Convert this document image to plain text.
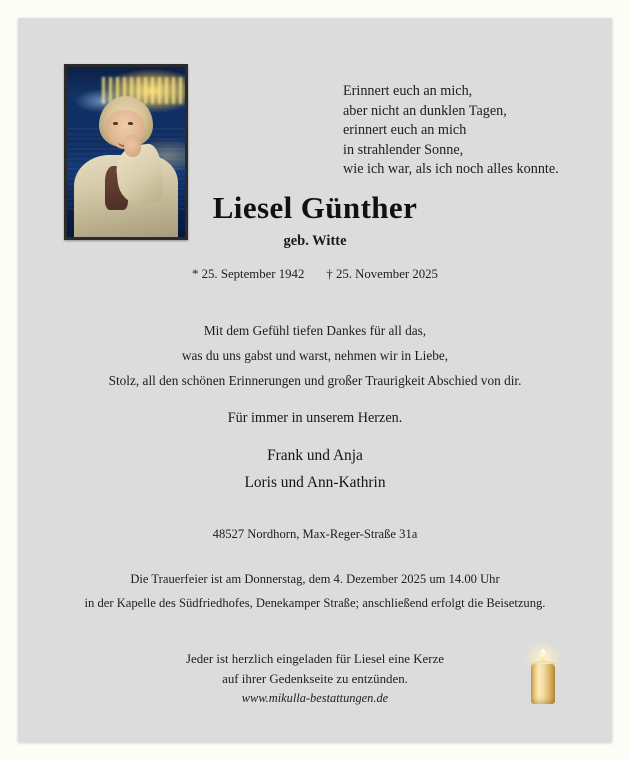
Erinnert euch an mich,
aber nicht an dunklen Tagen,
erinnert euch an mich
in strahlender Sonne,
wie ich war, als ich noch alles konnte.
Liesel Günther
geb. Witte
* 25. September 1942 † 25. November 2025
Mit dem Gefühl tiefen Dankes für all das,
was du uns gabst und warst, nehmen wir in Liebe,
Stolz, all den schönen Erinnerungen und großer Traurigkeit Abschied von dir.
Für immer in unserem Herzen.
Frank und Anja
Loris und Ann-Kathrin
48527 Nordhorn, Max-Reger-Straße 31a
Die Trauerfeier ist am Donnerstag, dem 4. Dezember 2025 um 14.00 Uhr
in der Kapelle des Südfriedhofes, Denekamper Straße; anschließend erfolgt die Beisetzung.
Jeder ist herzlich eingeladen für Liesel eine Kerze
auf ihrer Gedenkseite zu entzünden.
www.mikulla-bestattungen.de
